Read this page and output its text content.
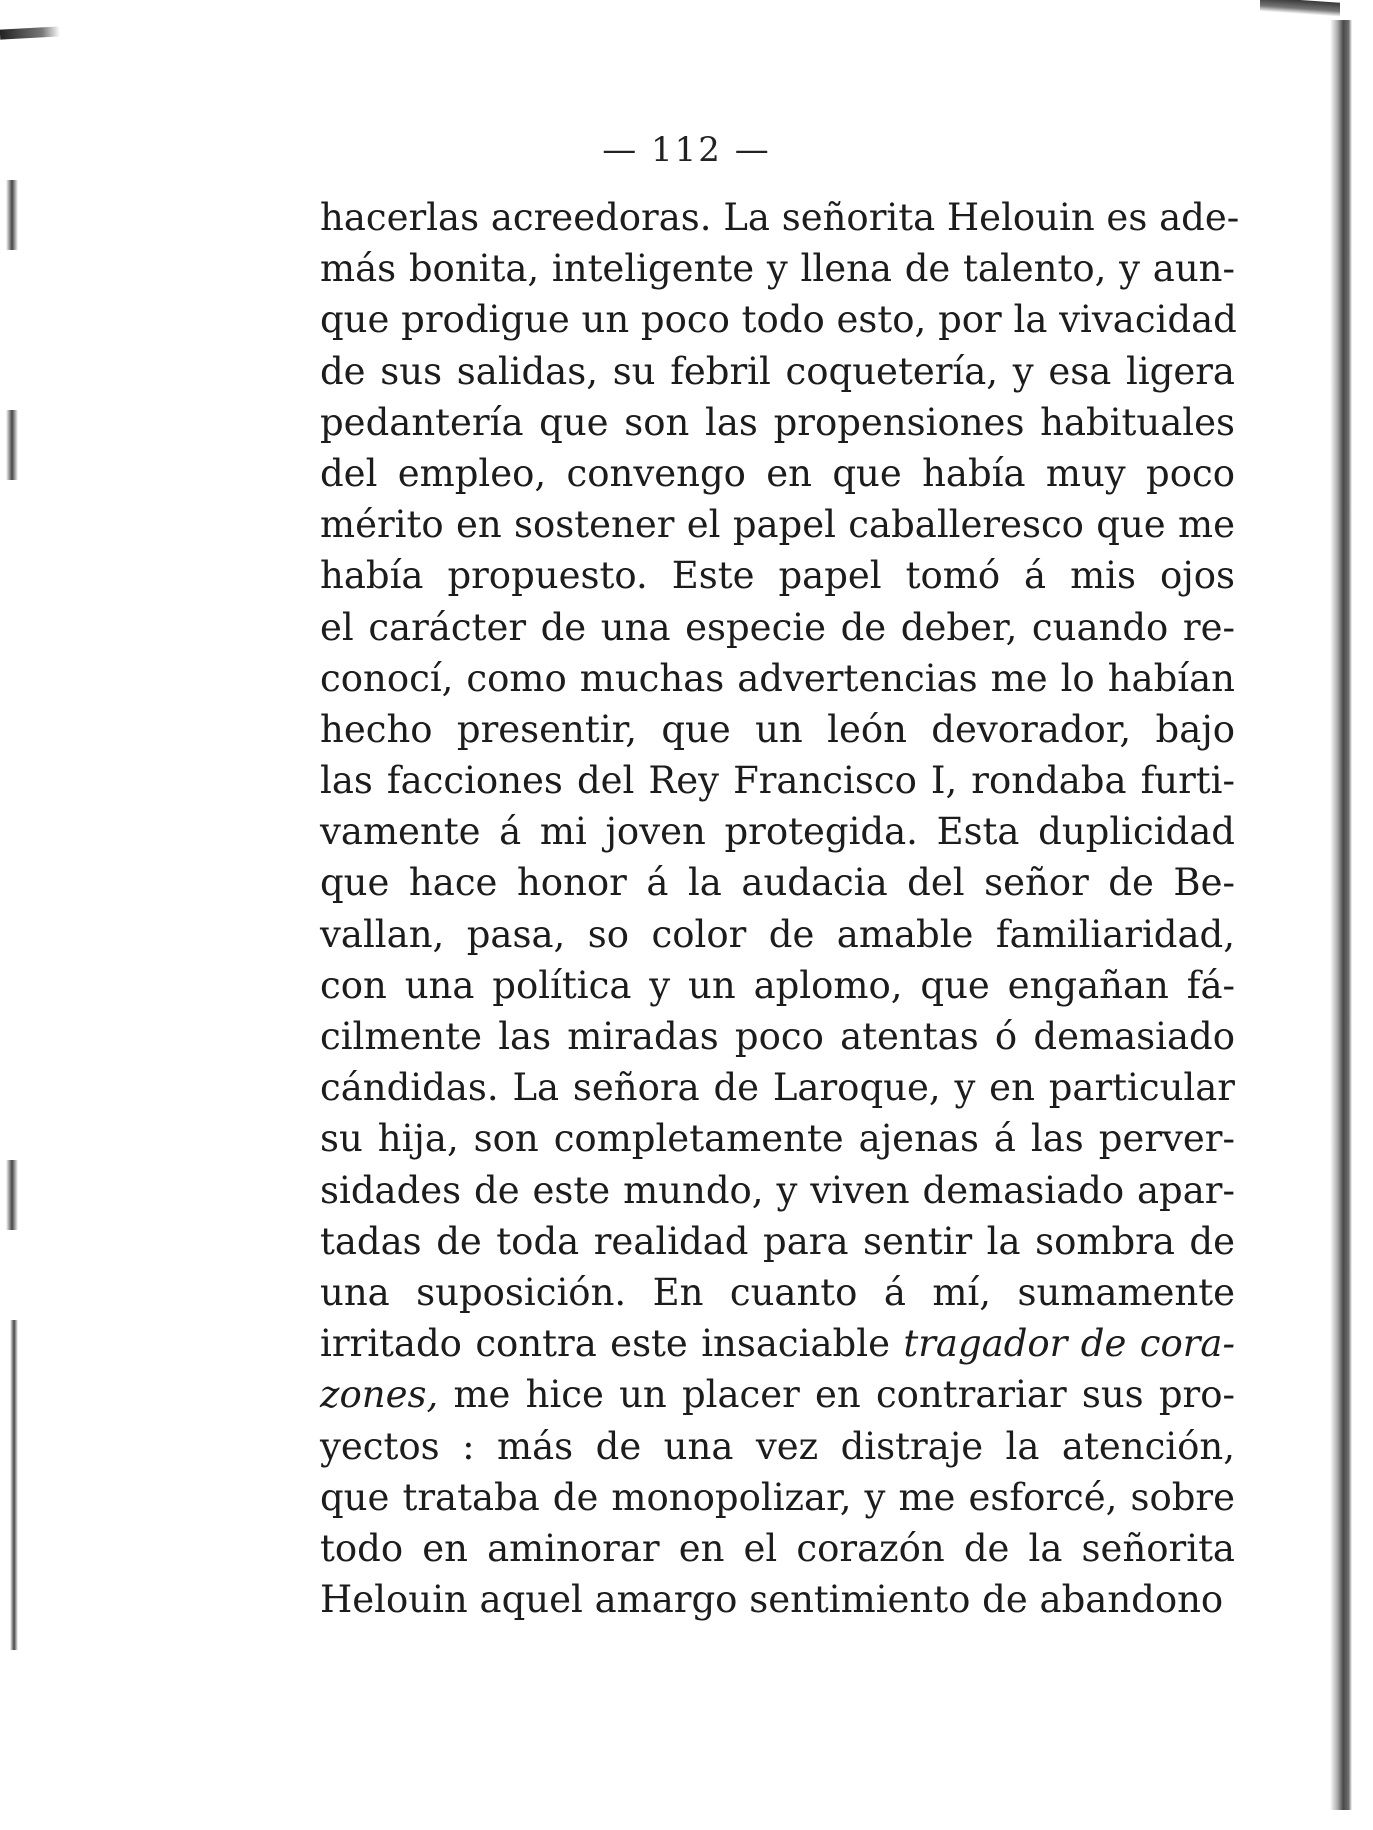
— 112 —
hacerlas acreedoras. La señorita Helouin es ade-
más bonita, inteligente y llena de talento, y aun-
que prodigue un poco todo esto, por la vivacidad
de sus salidas, su febril coquetería, y esa ligera
pedantería que son las propensiones habituales
del empleo, convengo en que había muy poco
mérito en sostener el papel caballeresco que me
había propuesto. Este papel tomó á mis ojos
el carácter de una especie de deber, cuando re-
conocí, como muchas advertencias me lo habían
hecho presentir, que un león devorador, bajo
las facciones del Rey Francisco I, rondaba furti-
vamente á mi joven protegida. Esta duplicidad
que hace honor á la audacia del señor de Be-
vallan, pasa, so color de amable familiaridad,
con una política y un aplomo, que engañan fá-
cilmente las miradas poco atentas ó demasiado
cándidas. La señora de Laroque, y en particular
su hija, son completamente ajenas á las perver-
sidades de este mundo, y viven demasiado apar-
tadas de toda realidad para sentir la sombra de
una suposición. En cuanto á mí, sumamente
irritado contra este insaciable tragador de cora-
zones, me hice un placer en contrariar sus pro-
yectos : más de una vez distraje la atención,
que trataba de monopolizar, y me esforcé, sobre
todo en aminorar en el corazón de la señorita
Helouin aquel amargo sentimiento de abandono
